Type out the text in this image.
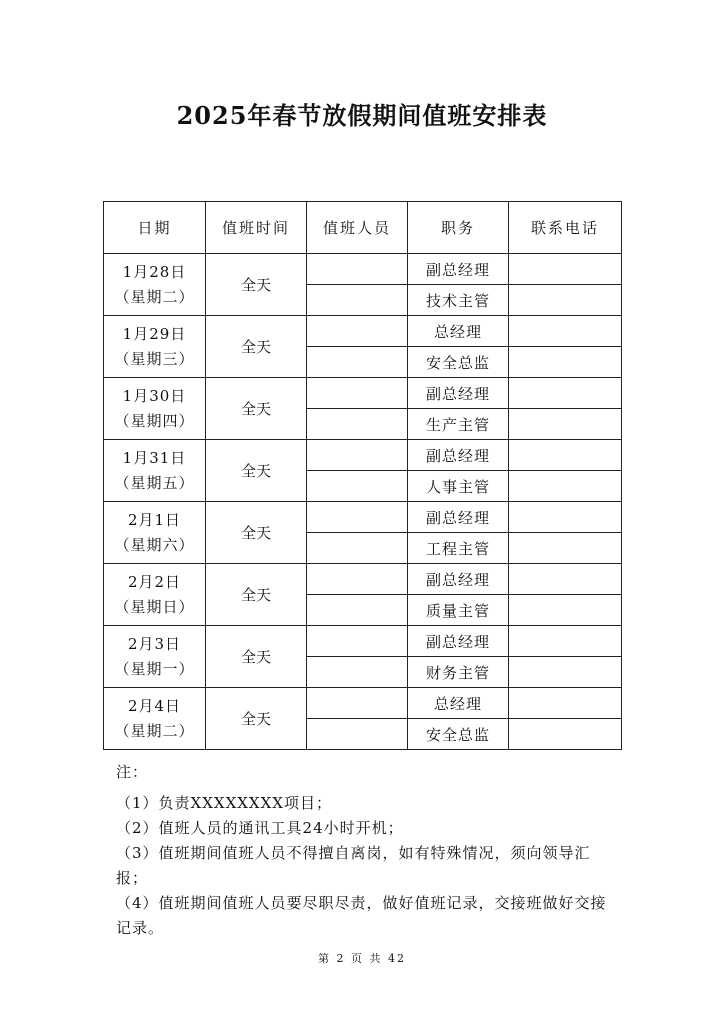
2025年春节放假期间值班安排表
日期	值班时间	值班人员	职务	联系电话

1月28日
（星期二）	全天		副总经理	
			技术主管	

1月29日
（星期三）	全天		总经理	
			安全总监	

1月30日
（星期四）	全天		副总经理	
			生产主管	

1月31日
（星期五）	全天		副总经理	
			人事主管	

2月1日
（星期六）	全天		副总经理	
			工程主管	

2月2日
（星期日）	全天		副总经理	
			质量主管	

2月3日
（星期一）	全天		副总经理	
			财务主管	

2月4日
（星期二）	全天		总经理	
			安全总监	
注：

（1）负责XXXXXXXX项目；

（2）值班人员的通讯工具24小时开机；

（3）值班期间值班人员不得擅自离岗，如有特殊情况，须向领导汇报；

（4）值班期间值班人员要尽职尽责，做好值班记录，交接班做好交接记录。

第 2 页 共 42
